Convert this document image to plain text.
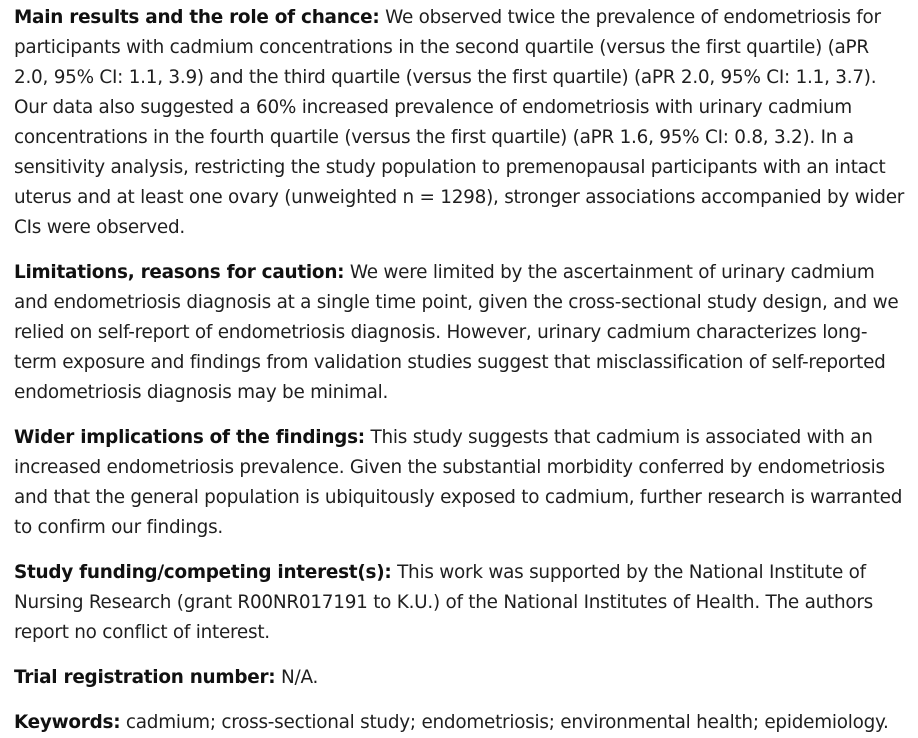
Main results and the role of chance: We observed twice the prevalence of endometriosis for participants with cadmium concentrations in the second quartile (versus the first quartile) (aPR 2.0, 95% CI: 1.1, 3.9) and the third quartile (versus the first quartile) (aPR 2.0, 95% CI: 1.1, 3.7). Our data also suggested a 60% increased prevalence of endometriosis with urinary cadmium concentrations in the fourth quartile (versus the first quartile) (aPR 1.6, 95% CI: 0.8, 3.2). In a sensitivity analysis, restricting the study population to premenopausal participants with an intact uterus and at least one ovary (unweighted n = 1298), stronger associations accompanied by wider CIs were observed.

Limitations, reasons for caution: We were limited by the ascertainment of urinary cadmium and endometriosis diagnosis at a single time point, given the cross-sectional study design, and we relied on self-report of endometriosis diagnosis. However, urinary cadmium characterizes long-term exposure and findings from validation studies suggest that misclassification of self-reported endometriosis diagnosis may be minimal.

Wider implications of the findings: This study suggests that cadmium is associated with an increased endometriosis prevalence. Given the substantial morbidity conferred by endometriosis and that the general population is ubiquitously exposed to cadmium, further research is warranted to confirm our findings.

Study funding/competing interest(s): This work was supported by the National Institute of Nursing Research (grant R00NR017191 to K.U.) of the National Institutes of Health. The authors report no conflict of interest.

Trial registration number: N/A.

Keywords: cadmium; cross-sectional study; endometriosis; environmental health; epidemiology.
